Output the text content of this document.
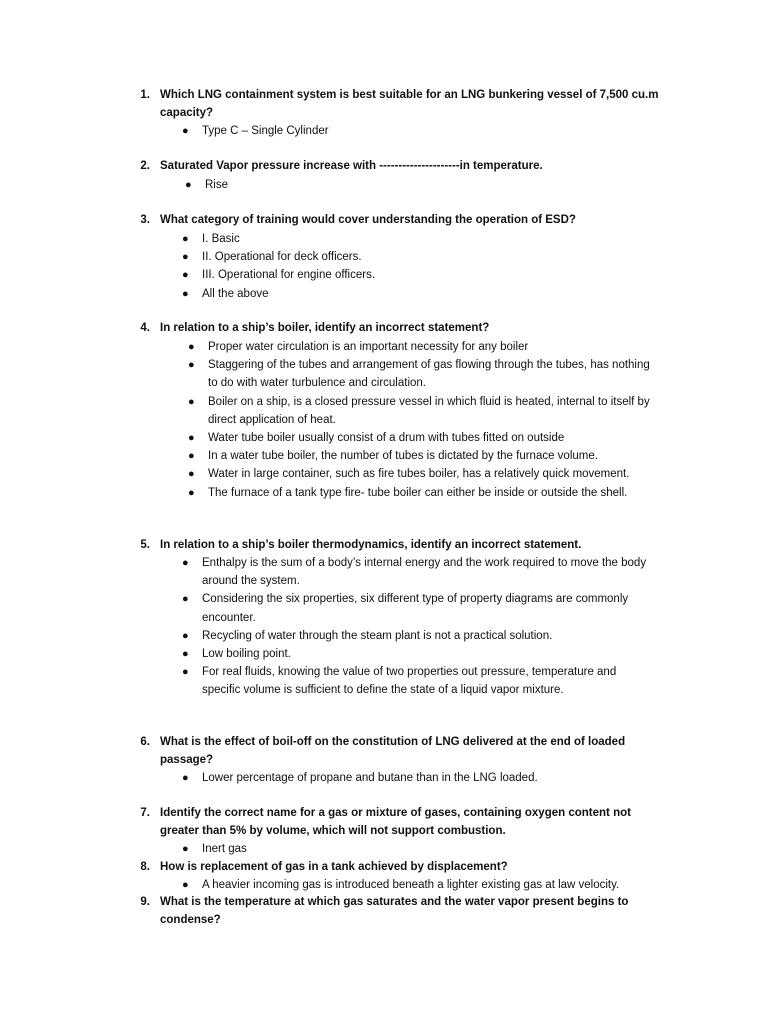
1. Which LNG containment system is best suitable for an LNG bunkering vessel of 7,500 cu.m capacity?
● Type C – Single Cylinder
2. Saturated Vapor pressure increase with ---------------------in temperature.
● Rise
3. What category of training would cover understanding the operation of ESD?
● I. Basic
● II. Operational for deck officers.
● III. Operational for engine officers.
● All the above
4. In relation to a ship’s boiler, identify an incorrect statement?
● Proper water circulation is an important necessity for any boiler
● Staggering of the tubes and arrangement of gas flowing through the tubes, has nothing to do with water turbulence and circulation.
● Boiler on a ship, is a closed pressure vessel in which fluid is heated, internal to itself by direct application of heat.
● Water tube boiler usually consist of a drum with tubes fitted on outside
● In a water tube boiler, the number of tubes is dictated by the furnace volume.
● Water in large container, such as fire tubes boiler, has a relatively quick movement.
● The furnace of a tank type fire- tube boiler can either be inside or outside the shell.
5. In relation to a ship’s boiler thermodynamics, identify an incorrect statement.
● Enthalpy is the sum of a body’s internal energy and the work required to move the body around the system.
● Considering the six properties, six different type of property diagrams are commonly encounter.
● Recycling of water through the steam plant is not a practical solution.
● Low boiling point.
● For real fluids, knowing the value of two properties out pressure, temperature and specific volume is sufficient to define the state of a liquid vapor mixture.
6. What is the effect of boil-off on the constitution of LNG delivered at the end of loaded passage?
● Lower percentage of propane and butane than in the LNG loaded.
7. Identify the correct name for a gas or mixture of gases, containing oxygen content not greater than 5% by volume, which will not support combustion.
● Inert gas
8. How is replacement of gas in a tank achieved by displacement?
● A heavier incoming gas is introduced beneath a lighter existing gas at law velocity.
9. What is the temperature at which gas saturates and the water vapor present begins to condense?
